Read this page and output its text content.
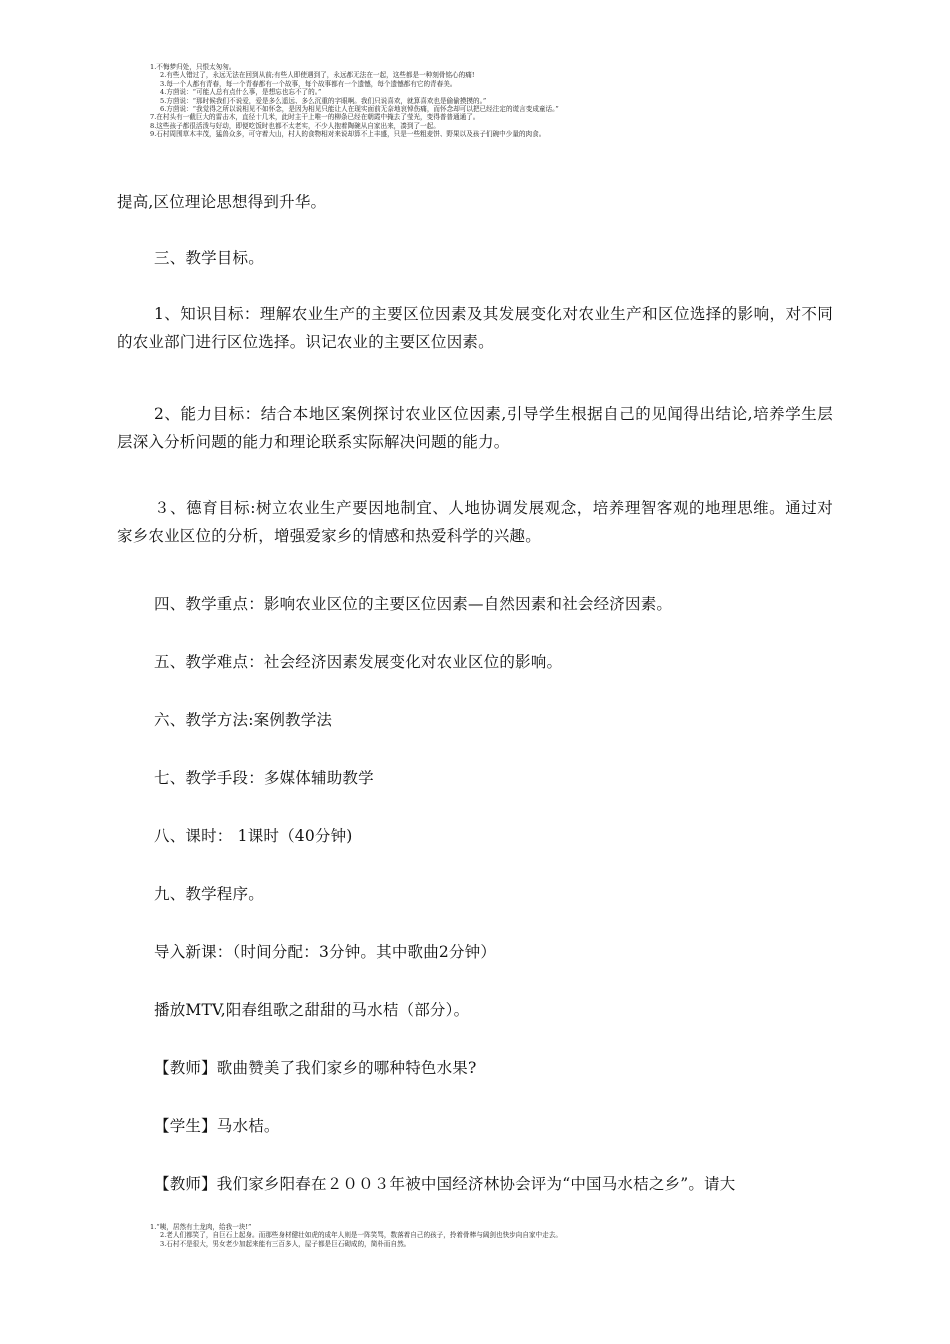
1.不悔梦归处，只恨太匆匆。
2.有些人错过了，永远无法在回到从前;有些人即使遇到了，永远都无法在一起，这些都是一种刻骨铭心的痛!
3.每一个人都有青春，每一个青春都有一个故事，每个故事都有一个遗憾，每个遗憾都有它的青春美。
4.方茴说：“可能人总有点什么事，是想忘也忘不了的。”
5.方茴说：“那时候我们不说爱，爱是多么遥远、多么沉重的字眼啊。我们只说喜欢，就算喜欢也是偷偷摸摸的。”
6.方茴说：“我觉得之所以说相见不如怀念，是因为相见只能让人在现实面前无奈地哀悼伤痛，而怀念却可以把已经注定的谎言变成童话。”
7.在村头有一截巨大的雷击木，直径十几米，此时主干上唯一的柳条已经在朝霞中掩去了莹光，变得普普通通了。
8.这些孩子都很活泼与好动，即便吃饭时也都不太老实，不少人抱着陶碗从自家出来，凑到了一起。
9.石村周围草木丰茂，猛兽众多，可守着大山，村人的食物相对来说却算不上丰盛，只是一些粗麦饼、野果以及孩子们碗中少量的肉食。

提高,区位理论思想得到升华。

三、教学目标。

1、知识目标：理解农业生产的主要区位因素及其发展变化对农业生产和区位选择的影响，对不同的农业部门进行区位选择。识记农业的主要区位因素。

2、能力目标：结合本地区案例探讨农业区位因素,引导学生根据自己的见闻得出结论,培养学生层层深入分析问题的能力和理论联系实际解决问题的能力。

３、德育目标:树立农业生产要因地制宜、人地协调发展观念，培养理智客观的地理思维。通过对家乡农业区位的分析，增强爱家乡的情感和热爱科学的兴趣。

四、教学重点：影响农业区位的主要区位因素—自然因素和社会经济因素。

五、教学难点：社会经济因素发展变化对农业区位的影响。

六、教学方法:案例教学法

七、教学手段：多媒体辅助教学

八、课时： 1课时（40分钟)

九、教学程序。

导入新课：（时间分配：3分钟。其中歌曲2分钟）

播放MTV,阳春组歌之甜甜的马水桔（部分）。

【教师】歌曲赞美了我们家乡的哪种特色水果?

【学生】马水桔。

【教师】我们家乡阳春在２００３年被中国经济林协会评为“中国马水桔之乡”。请大

1.“咦，居然有土龙肉，给我一块!”
2.老人们都笑了，自巨石上起身。而那些身材健壮如虎的成年人则是一阵笑骂，数落着自己的孩子，拎着骨棒与阔剑也快步向自家中走去。
3.石村不是很大，男女老少加起来能有三百多人，屋子都是巨石砌成的，简朴而自然。
